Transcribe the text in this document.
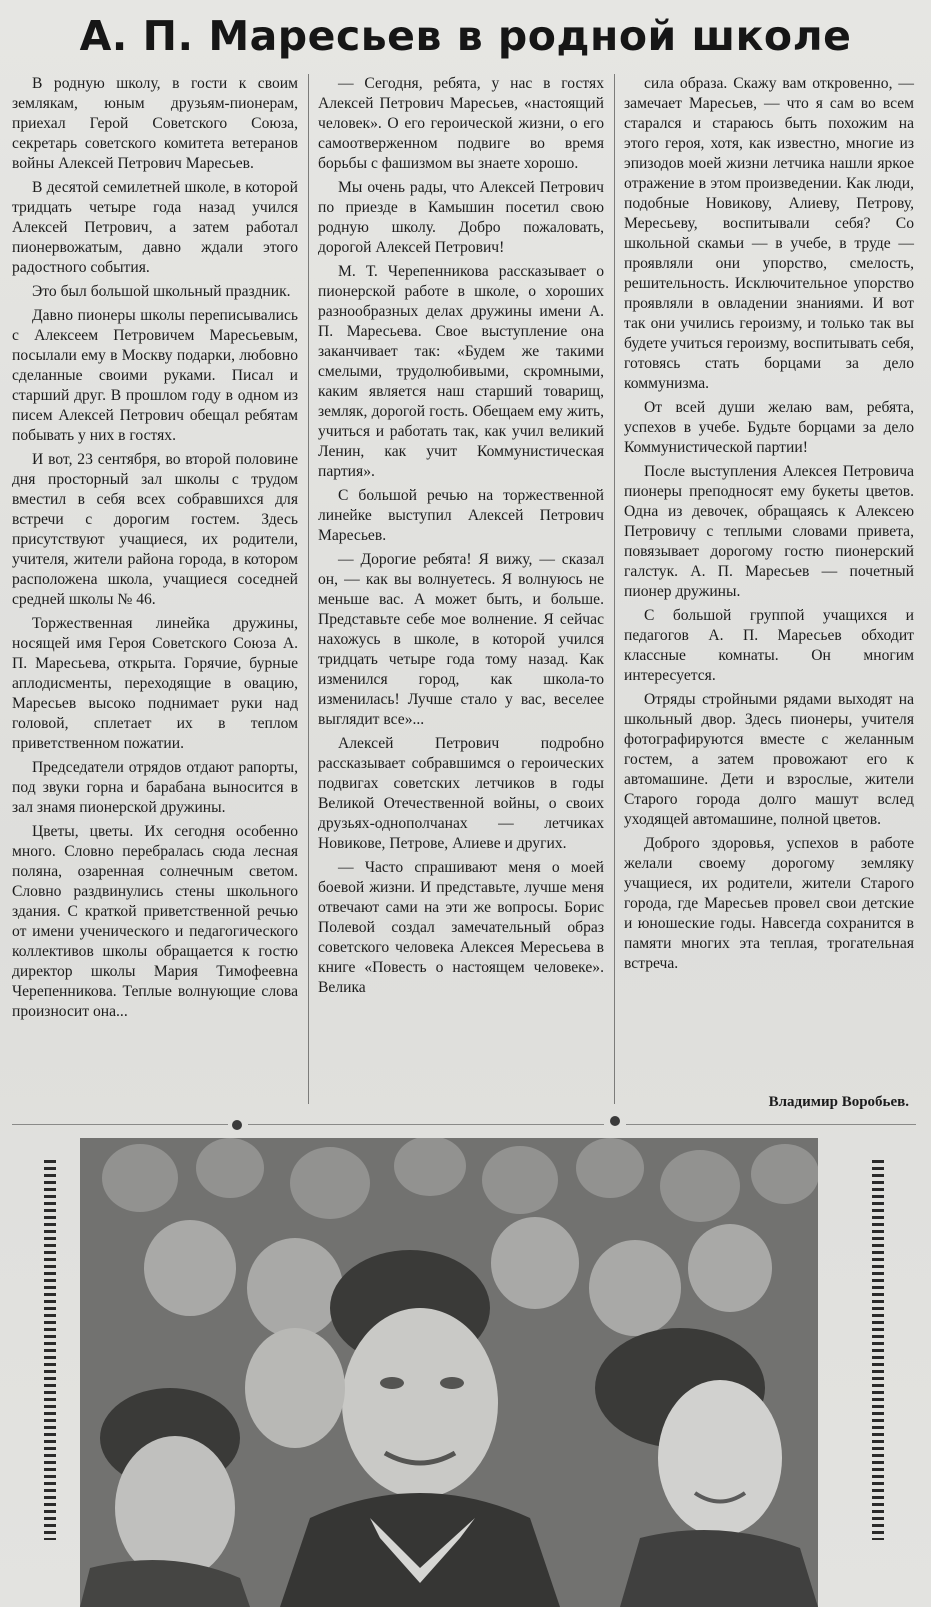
А. П. Маресьев в родной школе

В родную школу, в гости к своим землякам, юным друзьям-пионерам, приехал Герой Советского Союза, секретарь советского комитета ветеранов войны Алексей Петрович Маресьев.

В десятой семилетней школе, в которой тридцать четыре года назад учился Алексей Петрович, а затем работал пионервожатым, давно ждали этого радостного события.

Это был большой школьный праздник.

Давно пионеры школы переписывались с Алексеем Петровичем Маресьевым, посылали ему в Москву подарки, любовно сделанные своими руками. Писал и старший друг. В прошлом году в одном из писем Алексей Петрович обещал ребятам побывать у них в гостях.

И вот, 23 сентября, во второй половине дня просторный зал школы с трудом вместил в себя всех собравшихся для встречи с дорогим гостем. Здесь присутствуют учащиеся, их родители, учителя, жители района города, в котором расположена школа, учащиеся соседней средней школы № 46.

Торжественная линейка дружины, носящей имя Героя Советского Союза А. П. Маресьева, открыта. Горячие, бурные аплодисменты, переходящие в овацию, Маресьев высоко поднимает руки над головой, сплетает их в теплом приветственном пожатии.

Председатели отрядов отдают рапорты, под звуки горна и барабана выносится в зал знамя пионерской дружины.

Цветы, цветы. Их сегодня особенно много. Словно перебралась сюда лесная поляна, озаренная солнечным светом. Словно раздвинулись стены школьного здания. С краткой приветственной речью от имени ученического и педагогического коллективов школы обращается к гостю директор школы Мария Тимофеевна Черепенникова. Теплые волнующие слова произносит она...

— Сегодня, ребята, у нас в гостях Алексей Петрович Маресьев, «настоящий человек». О его героической жизни, о его самоотверженном подвиге во время борьбы с фашизмом вы знаете хорошо.

Мы очень рады, что Алексей Петрович по приезде в Камышин посетил свою родную школу. Добро пожаловать, дорогой Алексей Петрович!

М. Т. Черепенникова рассказывает о пионерской работе в школе, о хороших разнообразных делах дружины имени А. П. Маресьева. Свое выступление она заканчивает так: «Будем же такими смелыми, трудолюбивыми, скромными, каким является наш старший товарищ, земляк, дорогой гость. Обещаем ему жить, учиться и работать так, как учил великий Ленин, как учит Коммунистическая партия».

С большой речью на торжественной линейке выступил Алексей Петрович Маресьев.

— Дорогие ребята! Я вижу, — сказал он, — как вы волнуетесь. Я волнуюсь не меньше вас. А может быть, и больше. Представьте себе мое волнение. Я сейчас нахожусь в школе, в которой учился тридцать четыре года тому назад. Как изменился город, как школа-то изменилась! Лучше стало у вас, веселее выглядит все»...

Алексей Петрович подробно рассказывает собравшимся о героических подвигах советских летчиков в годы Великой Отечественной войны, о своих друзьях-однополчанах — летчиках Новикове, Петрове, Алиеве и других.

— Часто спрашивают меня о моей боевой жизни. И представьте, лучше меня отвечают сами на эти же вопросы. Борис Полевой создал замечательный образ советского человека Алексея Мересьева в книге «Повесть о настоящем человеке». Велика

сила образа. Скажу вам откровенно, — замечает Маресьев, — что я сам во всем старался и стараюсь быть похожим на этого героя, хотя, как известно, многие из эпизодов моей жизни летчика нашли яркое отражение в этом произведении. Как люди, подобные Новикову, Алиеву, Петрову, Мересьеву, воспитывали себя? Со школьной скамьи — в учебе, в труде — проявляли они упорство, смелость, решительность. Исключительное упорство проявляли в овладении знаниями. И вот так они учились героизму, и только так вы будете учиться героизму, воспитывать себя, готовясь стать борцами за дело коммунизма.

От всей души желаю вам, ребята, успехов в учебе. Будьте борцами за дело Коммунистической партии!

После выступления Алексея Петровича пионеры преподносят ему букеты цветов. Одна из девочек, обращаясь к Алексею Петровичу с теплыми словами привета, повязывает дорогому гостю пионерский галстук. А. П. Маресьев — почетный пионер дружины.

С большой группой учащихся и педагогов А. П. Маресьев обходит классные комнаты. Он многим интересуется.

Отряды стройными рядами выходят на школьный двор. Здесь пионеры, учителя фотографируются вместе с желанным гостем, а затем провожают его к автомашине. Дети и взрослые, жители Старого города долго машут вслед уходящей автомашине, полной цветов.

Доброго здоровья, успехов в работе желали своему дорогому земляку учащиеся, их родители, жители Старого города, где Маресьев провел свои детские и юношеские годы. Навсегда сохранится в памяти многих эта теплая, трогательная встреча.

Владимир Воробьев.
